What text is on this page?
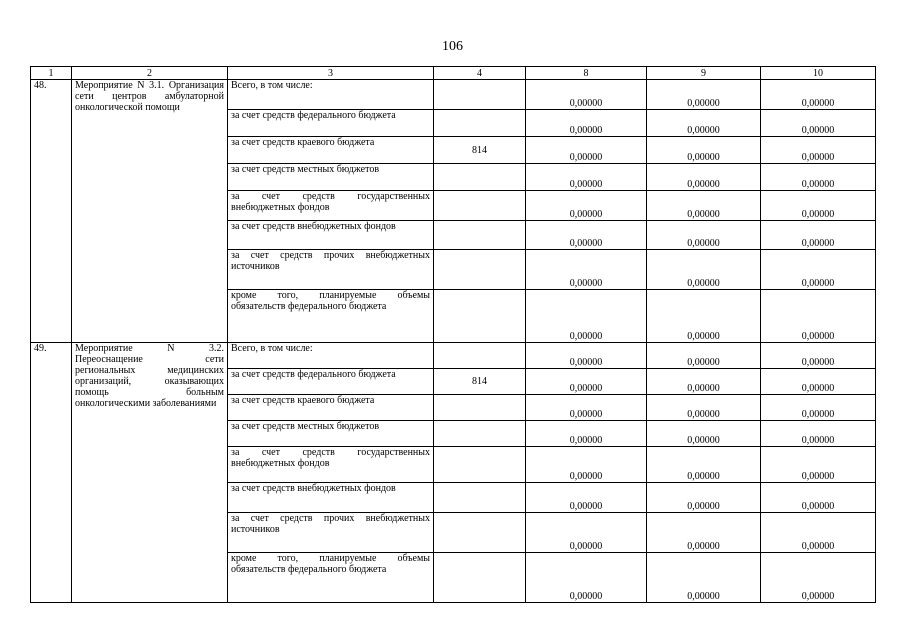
106
1	2	3	4	8	9	10
48.	Мероприятие N 3.1. Организация сети центров амбулаторной онкологической помощи	Всего, в том числе:		0,00000	0,00000	0,00000
		за счет средств федерального бюджета		0,00000	0,00000	0,00000
		за счет средств краевого бюджета	814	0,00000	0,00000	0,00000
		за счет средств местных бюджетов		0,00000	0,00000	0,00000
		за счет средств государственных внебюджетных фондов		0,00000	0,00000	0,00000
		за счет средств внебюджетных фондов		0,00000	0,00000	0,00000
		за счет средств прочих внебюджетных источников		0,00000	0,00000	0,00000
		кроме того, планируемые объемы обязательств федерального бюджета		0,00000	0,00000	0,00000
49.	Мероприятие N 3.2. Переоснащение сети региональных медицинских организаций, оказывающих помощь больным онкологическими заболеваниями	Всего, в том числе:		0,00000	0,00000	0,00000
		за счет средств федерального бюджета	814	0,00000	0,00000	0,00000
		за счет средств краевого бюджета		0,00000	0,00000	0,00000
		за счет средств местных бюджетов		0,00000	0,00000	0,00000
		за счет средств государственных внебюджетных фондов		0,00000	0,00000	0,00000
		за счет средств внебюджетных фондов		0,00000	0,00000	0,00000
		за счет средств прочих внебюджетных источников		0,00000	0,00000	0,00000
		кроме того, планируемые объемы обязательств федерального бюджета		0,00000	0,00000	0,00000
